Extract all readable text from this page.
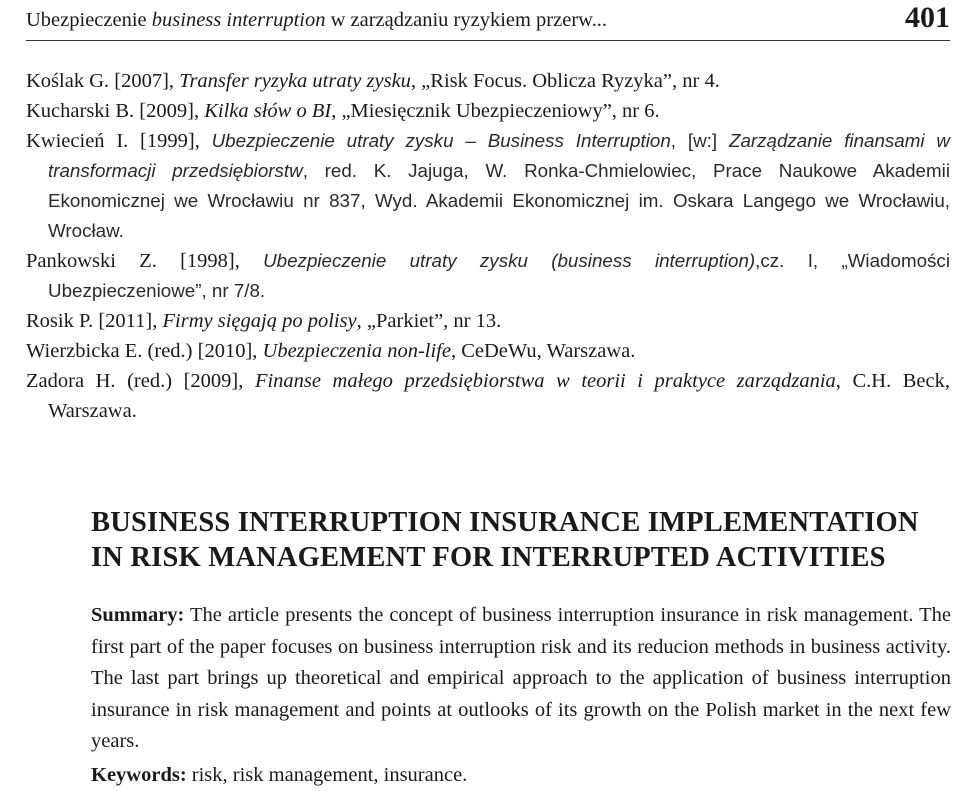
Ubezpieczenie business interruption w zarządzaniu ryzykiem przerw...	401
Koślak G. [2007], Transfer ryzyka utraty zysku, „Risk Focus. Oblicza Ryzyka”, nr 4.
Kucharski B. [2009], Kilka słów o BI, „Miesięcznik Ubezpieczeniowy”, nr 6.
Kwiecień I. [1999], Ubezpieczenie utraty zysku – Business Interruption, [w:] Zarządzanie finansami w transformacji przedsiębiorstw, red. K. Jajuga, W. Ronka-Chmielowiec, Prace Naukowe Akademii Ekonomicznej we Wrocławiu nr 837, Wyd. Akademii Ekonomicznej im. Oskara Langego we Wrocławiu, Wrocław.
Pankowski Z. [1998], Ubezpieczenie utraty zysku (business interruption),cz. I, „Wiadomości Ubezpieczeniowe”, nr 7/8.
Rosik P. [2011], Firmy sięgają po polisy, „Parkiet”, nr 13.
Wierzbicka E. (red.) [2010], Ubezpieczenia non-life, CeDeWu, Warszawa.
Zadora H. (red.) [2009], Finanse małego przedsiębiorstwa w teorii i praktyce zarządzania, C.H. Beck, Warszawa.
BUSINESS INTERRUPTION INSURANCE IMPLEMENTATION
IN RISK MANAGEMENT FOR INTERRUPTED ACTIVITIES
Summary: The article presents the concept of business interruption insurance in risk management. The first part of the paper focuses on business interruption risk and its reducion methods in business activity. The last part brings up theoretical and empirical approach to the application of business interruption insurance in risk management and points at outlooks of its growth on the Polish market in the next few years.
Keywords: risk, risk management, insurance.
